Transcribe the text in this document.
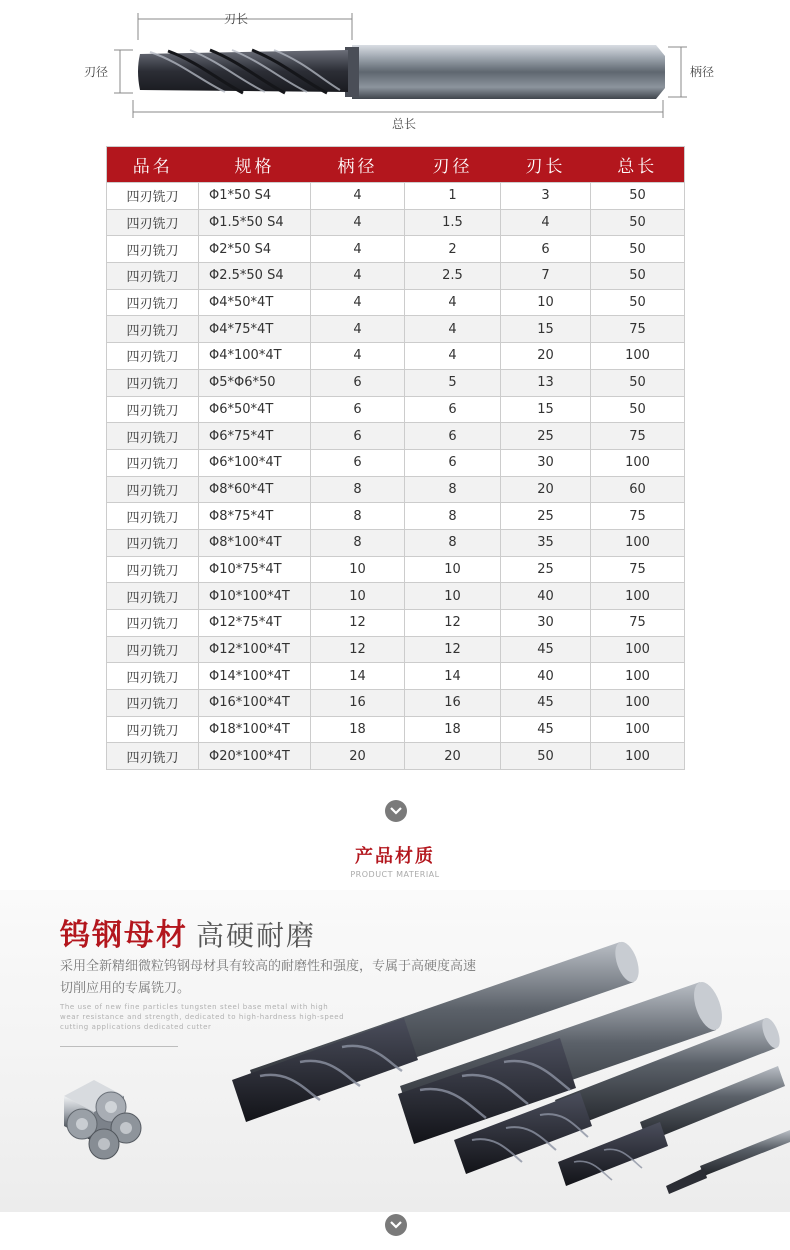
刃长
刃径	柄径
总长
品名	规格	柄径	刃径	刃长	总长
四刃铣刀	Φ1*50 S4	4	1	3	50
四刃铣刀	Φ1.5*50 S4	4	1.5	4	50
四刃铣刀	Φ2*50 S4	4	2	6	50
四刃铣刀	Φ2.5*50 S4	4	2.5	7	50
四刃铣刀	Φ4*50*4T	4	4	10	50
四刃铣刀	Φ4*75*4T	4	4	15	75
四刃铣刀	Φ4*100*4T	4	4	20	100
四刃铣刀	Φ5*Φ6*50	6	5	13	50
四刃铣刀	Φ6*50*4T	6	6	15	50
四刃铣刀	Φ6*75*4T	6	6	25	75
四刃铣刀	Φ6*100*4T	6	6	30	100
四刃铣刀	Φ8*60*4T	8	8	20	60
四刃铣刀	Φ8*75*4T	8	8	25	75
四刃铣刀	Φ8*100*4T	8	8	35	100
四刃铣刀	Φ10*75*4T	10	10	25	75
四刃铣刀	Φ10*100*4T	10	10	40	100
四刃铣刀	Φ12*75*4T	12	12	30	75
四刃铣刀	Φ12*100*4T	12	12	45	100
四刃铣刀	Φ14*100*4T	14	14	40	100
四刃铣刀	Φ16*100*4T	16	16	45	100
四刃铣刀	Φ18*100*4T	18	18	45	100
四刃铣刀	Φ20*100*4T	20	20	50	100
产品材质
PRODUCT MATERIAL
钨钢母材 高硬耐磨
采用全新精细微粒钨钢母材具有较高的耐磨性和强度，专属于高硬度高速切削应用的专属铣刀。
The use of new fine particles tungsten steel base metal with high wear resistance and strength, dedicated to high-hardness high-speed cutting applications dedicated cutter
